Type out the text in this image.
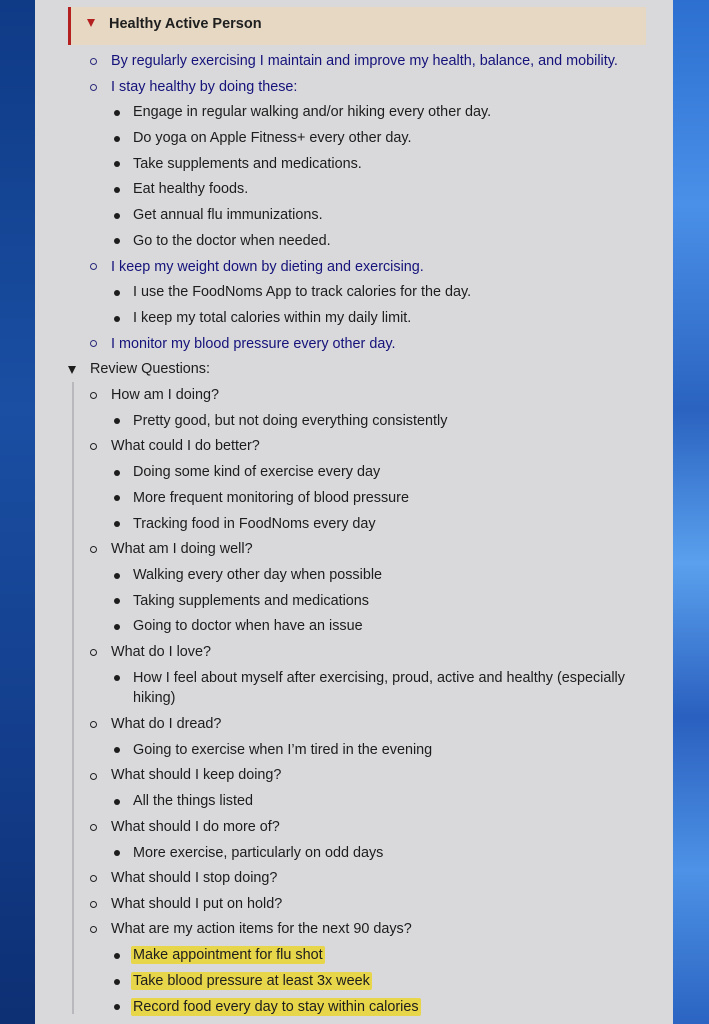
Healthy Active Person
By regularly exercising I maintain and improve my health, balance, and mobility.
I stay healthy by doing these:
Engage in regular walking and/or hiking every other day.
Do yoga on Apple Fitness+ every other day.
Take supplements and medications.
Eat healthy foods.
Get annual flu immunizations.
Go to the doctor when needed.
I keep my weight down by dieting and exercising.
I use the FoodNoms App to track calories for the day.
I keep my total calories within my daily limit.
I monitor my blood pressure every other day.
Review Questions:
How am I doing?
Pretty good, but not doing everything consistently
What could I do better?
Doing some kind of exercise every day
More frequent monitoring of blood pressure
Tracking food in FoodNoms every day
What am I doing well?
Walking every other day when possible
Taking supplements and medications
Going to doctor when have an issue
What do I love?
How I feel about myself after exercising, proud, active and healthy (especially
hiking)
What do I dread?
Going to exercise when I’m tired in the evening
What should I keep doing?
All the things listed
What should I do more of?
More exercise, particularly on odd days
What should I stop doing?
What should I put on hold?
What are my action items for the next 90 days?
Make appointment for flu shot
Take blood pressure at least 3x week
Record food every day to stay within calories
